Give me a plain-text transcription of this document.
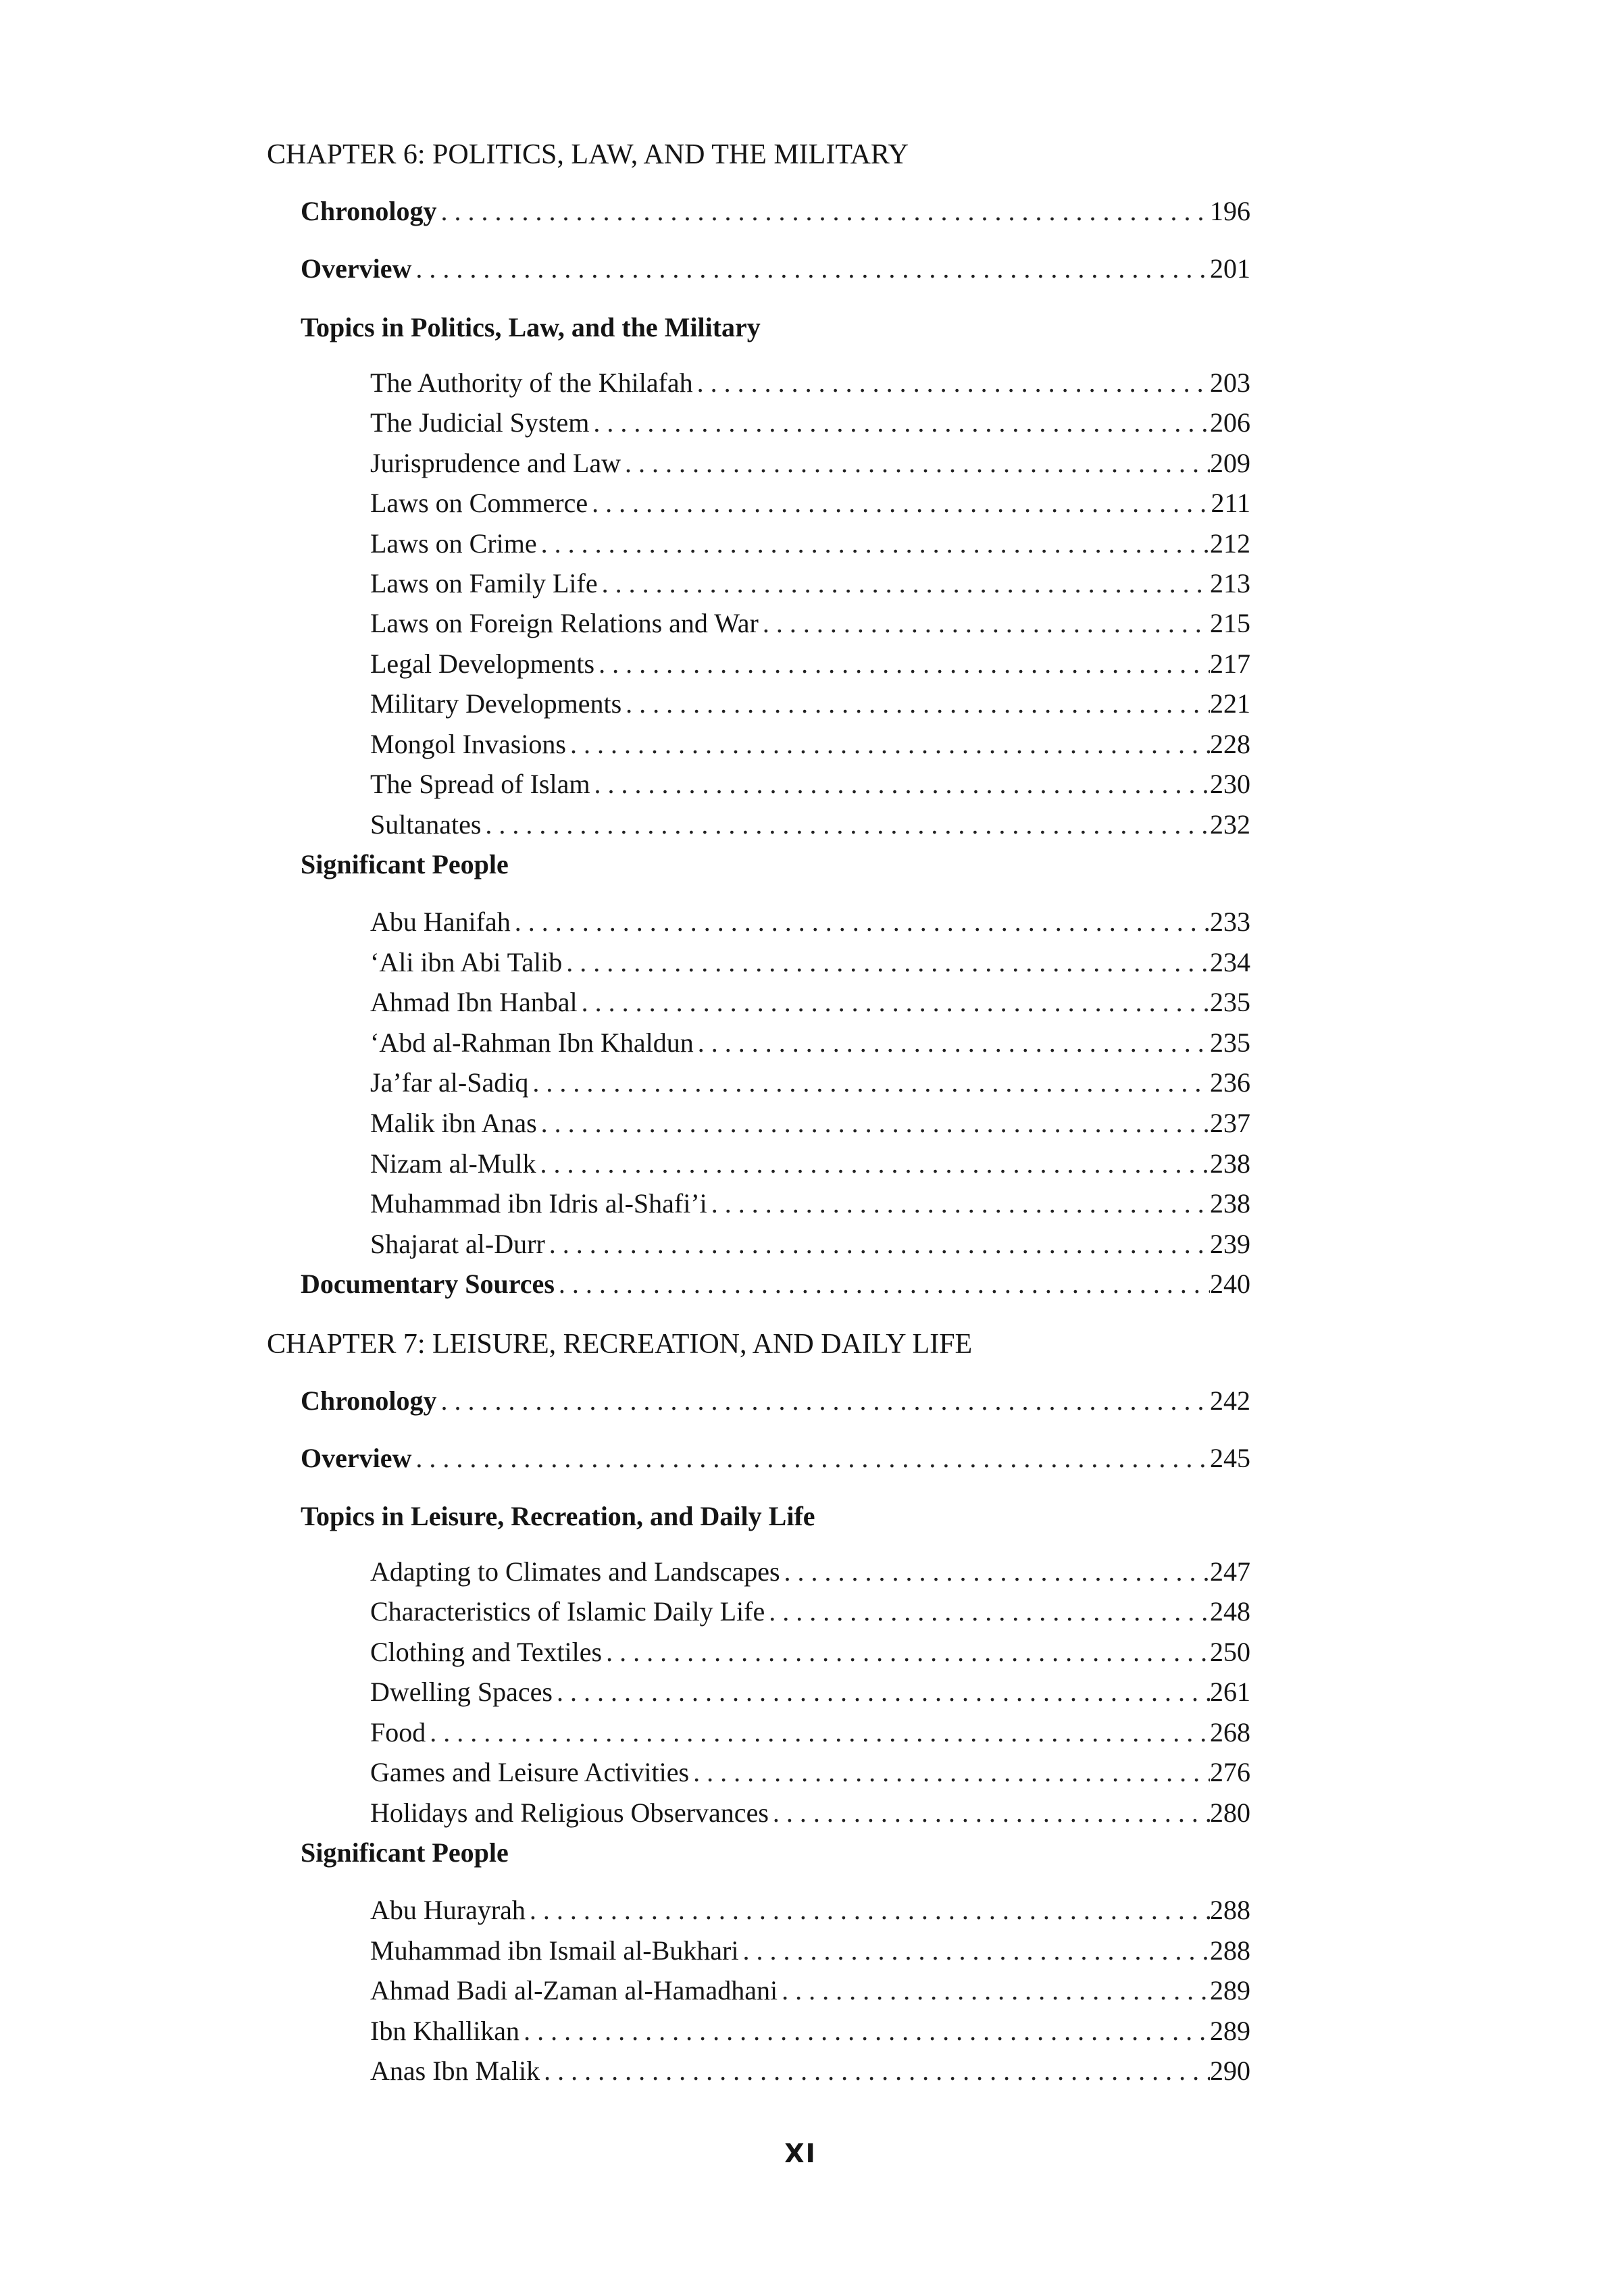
CHAPTER 6: POLITICS, LAW, AND THE MILITARY
Chronology . . .	196
Overview . . .	201
Topics in Politics, Law, and the Military
The Authority of the Khilafah . . .	203
The Judicial System . . .	206
Jurisprudence and Law . . .	209
Laws on Commerce . . .	211
Laws on Crime . . .	212
Laws on Family Life . . .	213
Laws on Foreign Relations and War . . .	215
Legal Developments . . .	217
Military Developments . . .	221
Mongol Invasions . . .	228
The Spread of Islam . . .	230
Sultanates . . .	232
Significant People
Abu Hanifah . . .	233
‘Ali ibn Abi Talib . . .	234
Ahmad Ibn Hanbal . . .	235
‘Abd al-Rahman Ibn Khaldun . . .	235
Ja’far al-Sadiq . . .	236
Malik ibn Anas . . .	237
Nizam al-Mulk . . .	238
Muhammad ibn Idris al-Shafi’i . . .	238
Shajarat al-Durr . . .	239
Documentary Sources . . .	240
CHAPTER 7: LEISURE, RECREATION, AND DAILY LIFE
Chronology . . .	242
Overview . . .	245
Topics in Leisure, Recreation, and Daily Life
Adapting to Climates and Landscapes . . .	247
Characteristics of Islamic Daily Life . . .	248
Clothing and Textiles . . .	250
Dwelling Spaces . . .	261
Food . . .	268
Games and Leisure Activities . . .	276
Holidays and Religious Observances . . .	280
Significant People
Abu Hurayrah . . .	288
Muhammad ibn Ismail al-Bukhari . . .	288
Ahmad Badi al-Zaman al-Hamadhani . . .	289
Ibn Khallikan . . .	289
Anas Ibn Malik . . .	290
XI
